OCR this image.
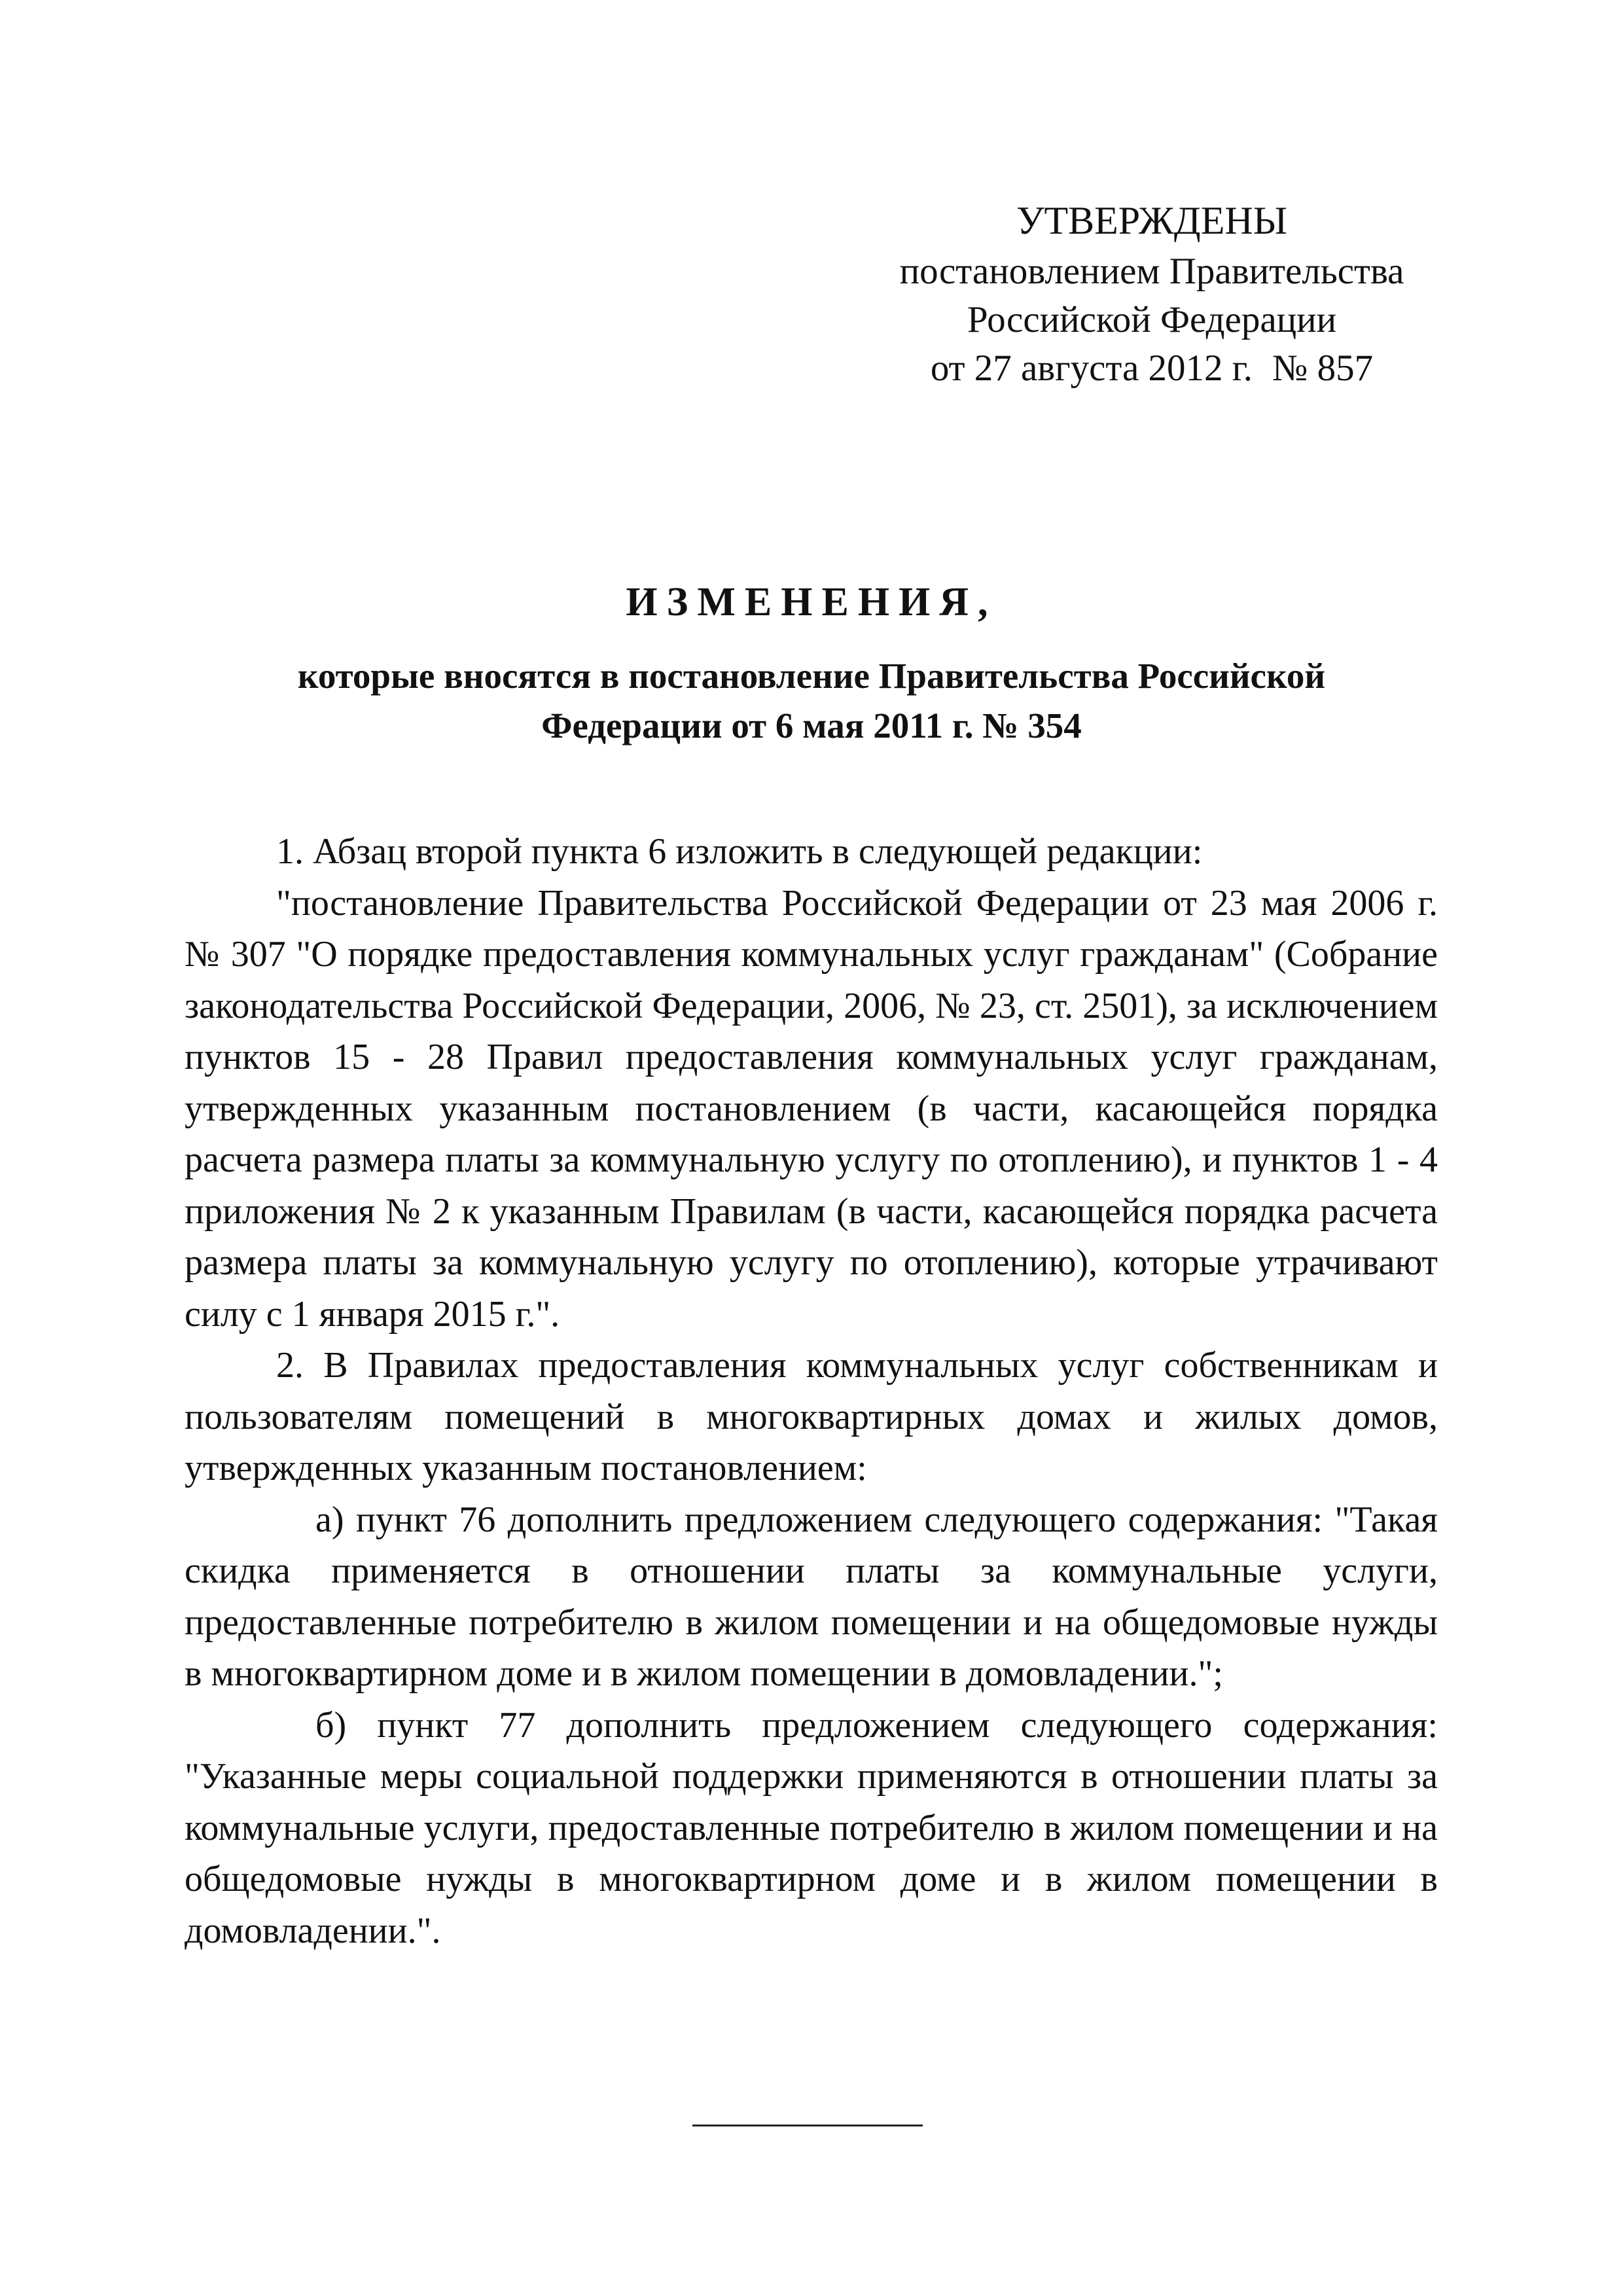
УТВЕРЖДЕНЫ
постановлением Правительства
Российской Федерации
от 27 августа 2012 г. № 857
ИЗМЕНЕНИЯ,
которые вносятся в постановление Правительства Российской
Федерации от 6 мая 2011 г. № 354

1. Абзац второй пункта 6 изложить в следующей редакции:

"постановление Правительства Российской Федерации от 23 мая 2006 г. № 307 "О порядке предоставления коммунальных услуг гражданам" (Собрание законодательства Российской Федерации, 2006, № 23, ст. 2501), за исключением пунктов 15 - 28 Правил предоставления коммунальных услуг гражданам, утвержденных указанным постановлением (в части, касающейся порядка расчета размера платы за коммунальную услугу по отоплению), и пунктов 1 - 4 приложения № 2 к указанным Правилам (в части, касающейся порядка расчета размера платы за коммунальную услугу по отоплению), которые утрачивают силу с 1 января 2015 г.".

2. В Правилах предоставления коммунальных услуг собственникам и пользователям помещений в многоквартирных домах и жилых домов, утвержденных указанным постановлением:

а) пункт 76 дополнить предложением следующего содержания: "Такая скидка применяется в отношении платы за коммунальные услуги, предоставленные потребителю в жилом помещении и на общедомовые нужды в многоквартирном доме и в жилом помещении в домовладении.";

б) пункт 77 дополнить предложением следующего содержания: "Указанные меры социальной поддержки применяются в отношении платы за коммунальные услуги, предоставленные потребителю в жилом помещении и на общедомовые нужды в многоквартирном доме и в жилом помещении в домовладении.".
